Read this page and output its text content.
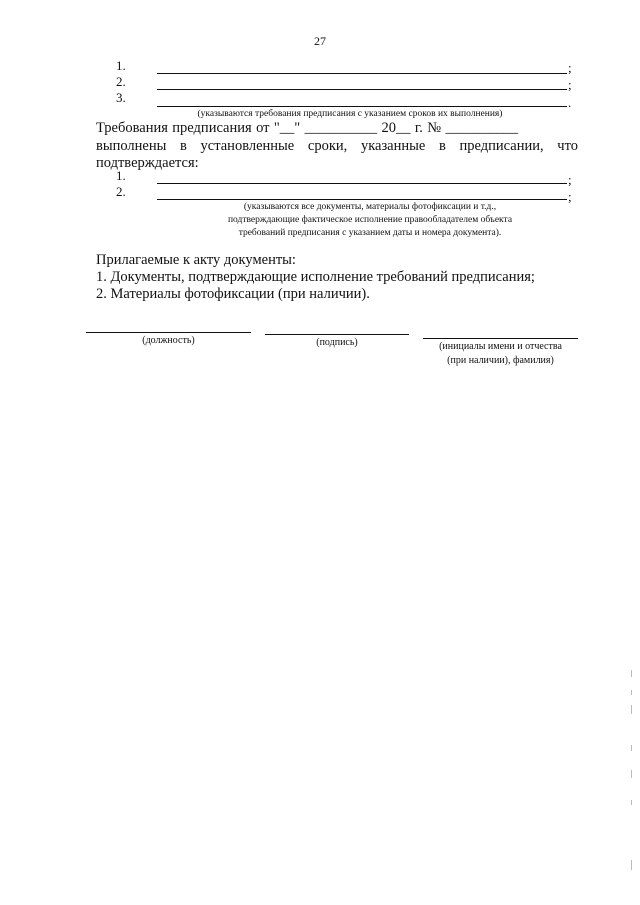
27
1.	;
2.	;
3.	.
(указываются требования предписания с указанием сроков их выполнения)
Требования предписания от "__" __________ 20__ г. № __________
выполнены в установленные сроки, указанные в предписании, что
подтверждается:
1.	;
2.	;
(указываются все документы, материалы фотофиксации и т.д.,
подтверждающие фактическое исполнение правообладателем объекта
требований предписания с указанием даты и номера документа).
Прилагаемые к акту документы:
1. Документы, подтверждающие исполнение требований предписания;
2. Материалы фотофиксации (при наличии).
(должность)	(подпись)	(инициалы имени и отчества
(при наличии), фамилия)
